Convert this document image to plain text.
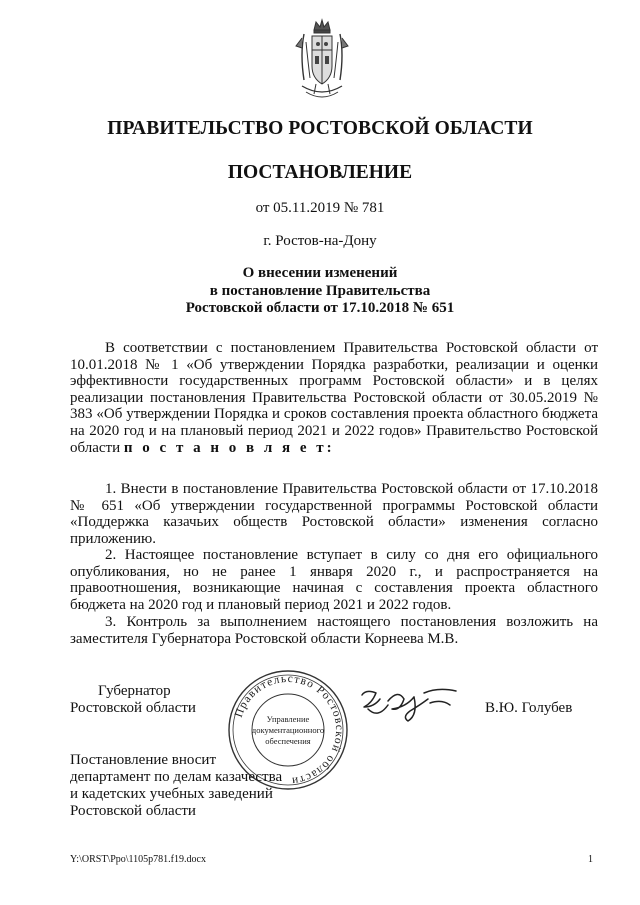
ПРАВИТЕЛЬСТВО РОСТОВСКОЙ ОБЛАСТИ
ПОСТАНОВЛЕНИЕ
от 05.11.2019 № 781
г. Ростов-на-Дону
О внесении изменений
в постановление Правительства
Ростовской области от 17.10.2018 № 651

В соответствии с постановлением Правительства Ростовской области от 10.01.2018 № 1 «Об утверждении Порядка разработки, реализации и оценки эффективности государственных программ Ростовской области» и в целях реализации постановления Правительства Ростовской области от 30.05.2019 № 383 «Об утверждении Порядка и сроков составления проекта областного бюджета на 2020 год и на плановый период 2021 и 2022 годов» Правительство Ростовской области п о с т а н о в л я е т:

1. Внести в постановление Правительства Ростовской области от 17.10.2018 № 651 «Об утверждении государственной программы Ростовской области «Поддержка казачьих обществ Ростовской области» изменения согласно приложению.

2. Настоящее постановление вступает в силу со дня его официального опубликования, но не ранее 1 января 2020 г., и распространяется на правоотношения, возникающие начиная с составления проекта областного бюджета на 2020 год и плановый период 2021 и 2022 годов.

3. Контроль за выполнением настоящего постановления возложить на заместителя Губернатора Ростовской области Корнеева М.В.

Губернатор
Ростовской области	Правительство Ростовской области
Управление
документационного
обеспечения
В.Ю. Голубев
Постановление вносит
департамент по делам казачества
и кадетских учебных заведений
Ростовской области
Y:\ORST\Ppo\1105p781.f19.docx	1
